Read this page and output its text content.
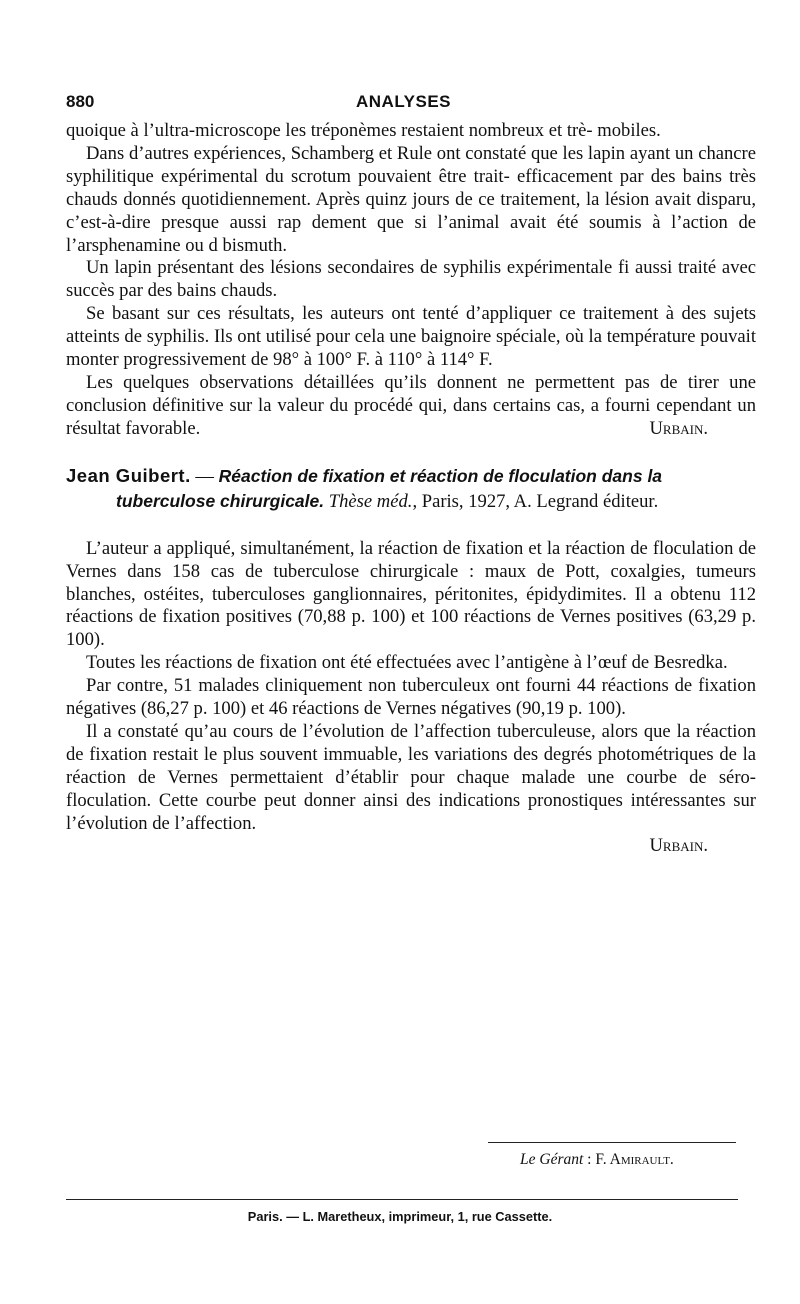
880	ANALYSES

quoique à l’ultra-microscope les tréponèmes restaient nombreux et trè- mobiles.

Dans d’autres expériences, Schamberg et Rule ont constaté que les lapin ayant un chancre syphilitique expérimental du scrotum pouvaient être trait- efficacement par des bains très chauds donnés quotidiennement. Après quinz jours de ce traitement, la lésion avait disparu, c’est-à-dire presque aussi rap dement que si l’animal avait été soumis à l’action de l’arsphenamine ou d bismuth.

Un lapin présentant des lésions secondaires de syphilis expérimentale fi aussi traité avec succès par des bains chauds.

Se basant sur ces résultats, les auteurs ont tenté d’appliquer ce traitement à des sujets atteints de syphilis. Ils ont utilisé pour cela une baignoire spéciale, où la température pouvait monter progressivement de 98° à 100° F. à 110° à 114° F.

Les quelques observations détaillées qu’ils donnent ne permettent pas de tirer une conclusion définitive sur la valeur du procédé qui, dans certains cas, a fourni cependant un résultat favorable.	Urbain.

Jean Guibert. — Réaction de fixation et réaction de floculation dans la tuberculose chirurgicale. Thèse méd., Paris, 1927, A. Legrand éditeur.

L’auteur a appliqué, simultanément, la réaction de fixation et la réaction de floculation de Vernes dans 158 cas de tuberculose chirurgicale : maux de Pott, coxalgies, tumeurs blanches, ostéites, tuberculoses ganglionnaires, péritonites, épidydimites. Il a obtenu 112 réactions de fixation positives (70,88 p. 100) et 100 réactions de Vernes positives (63,29 p. 100).

Toutes les réactions de fixation ont été effectuées avec l’antigène à l’œuf de Besredka.

Par contre, 51 malades cliniquement non tuberculeux ont fourni 44 réactions de fixation négatives (86,27 p. 100) et 46 réactions de Vernes négatives (90,19 p. 100).

Il a constaté qu’au cours de l’évolution de l’affection tuberculeuse, alors que la réaction de fixation restait le plus souvent immuable, les variations des degrés photométriques de la réaction de Vernes permettaient d’établir pour chaque malade une courbe de séro-floculation. Cette courbe peut donner ainsi des indications pronostiques intéressantes sur l’évolution de l’affection.

Urbain.

Le Gérant : F. Amirault.
Paris. — L. Maretheux, imprimeur, 1, rue Cassette.
